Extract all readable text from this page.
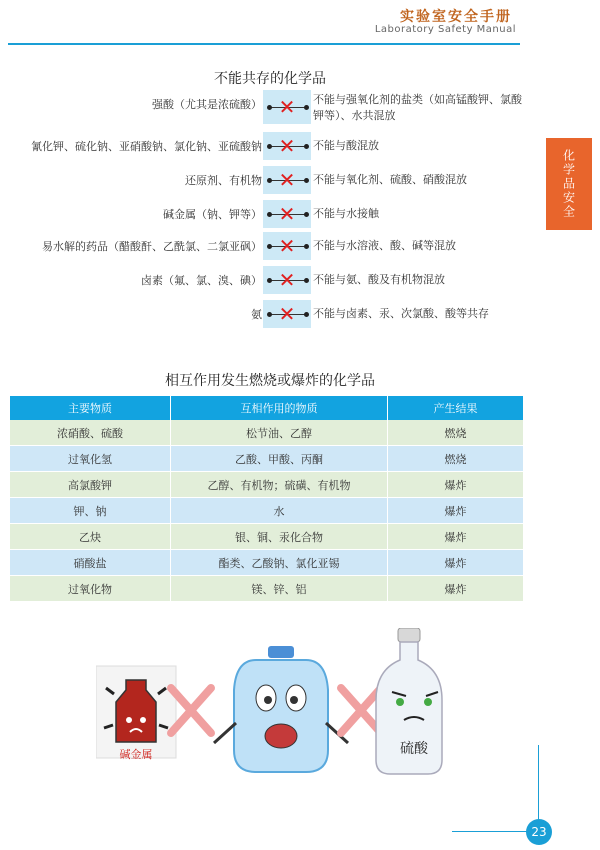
实验室安全手册
Laboratory Safety Manual
化学品安全
不能共存的化学品
强酸（尤其是浓硫酸） ✕ 不能与强氧化剂的盐类（如高锰酸钾、氯酸钾等）、水共混放
氰化钾、硫化钠、亚硝酸钠、氯化钠、亚硫酸钠 ✕ 不能与酸混放
还原剂、有机物 ✕ 不能与氧化剂、硫酸、硝酸混放
碱金属（钠、钾等） ✕ 不能与水接触
易水解的药品（醋酸酐、乙酰氯、二氯亚砜） ✕ 不能与水溶液、酸、碱等混放
卤素（氟、氯、溴、碘） ✕ 不能与氨、酸及有机物混放
氨 ✕ 不能与卤素、汞、次氯酸、酸等共存
相互作用发生燃烧或爆炸的化学品
主要物质	互相作用的物质	产生结果
浓硝酸、硫酸	松节油、乙醇	燃烧
过氧化氢	乙酸、甲酸、丙酮	燃烧
高氯酸钾	乙醇、有机物；硫磺、有机物	爆炸
钾、钠	水	爆炸
乙炔	银、铜、汞化合物	爆炸
硝酸盐	酯类、乙酸钠、氯化亚锡	爆炸
过氧化物	镁、锌、铝	爆炸
碱金属	硫酸
23
